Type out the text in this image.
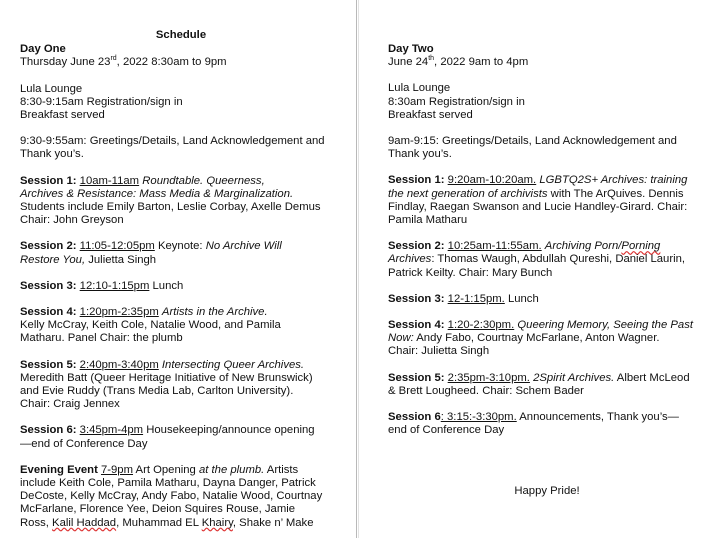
Schedule
Day One
Thursday June 23rd, 2022 8:30am to 9pm
Lula Lounge
8:30-9:15am Registration/sign in
Breakfast served
9:30-9:55am: Greetings/Details, Land Acknowledgement and
Thank you’s.
Session 1: 10am-11am Roundtable. Queerness,
Archives & Resistance: Mass Media & Marginalization.
Students include Emily Barton, Leslie Corbay, Axelle Demus
Chair: John Greyson
Session 2: 11:05-12:05pm Keynote: No Archive Will
Restore You, Julietta Singh
Session 3: 12:10-1:15pm Lunch
Session 4: 1:20pm-2:35pm Artists in the Archive.
Kelly McCray, Keith Cole, Natalie Wood, and Pamila
Matharu. Panel Chair: the plumb
Session 5: 2:40pm-3:40pm Intersecting Queer Archives.
Meredith Batt (Queer Heritage Initiative of New Brunswick)
and Evie Ruddy (Trans Media Lab, Carlton University).
Chair: Craig Jennex
Session 6: 3:45pm-4pm Housekeeping/announce opening
—end of Conference Day
Evening Event 7-9pm Art Opening at the plumb. Artists
include Keith Cole, Pamila Matharu, Dayna Danger, Patrick
DeCoste, Kelly McCray, Andy Fabo, Natalie Wood, Courtnay
McFarlane, Florence Yee, Deion Squires Rouse, Jamie
Ross, Kalil Haddad, Muhammad EL Khairy, Shake n’ Make
Day Two
June 24th, 2022 9am to 4pm
Lula Lounge
8:30am Registration/sign in
Breakfast served
9am-9:15: Greetings/Details, Land Acknowledgement and
Thank you’s.
Session 1: 9:20am-10:20am. LGBTQ2S+ Archives: training
the next generation of archivists with The ArQuives. Dennis
Findlay, Raegan Swanson and Lucie Handley-Girard. Chair:
Pamila Matharu
Session 2: 10:25am-11:55am. Archiving Porn/Porning
Archives: Thomas Waugh, Abdullah Qureshi, Daniel Laurin,
Patrick Keilty. Chair: Mary Bunch
Session 3: 12-1:15pm. Lunch
Session 4: 1:20-2:30pm. Queering Memory, Seeing the Past
Now: Andy Fabo, Courtnay McFarlane, Anton Wagner.
Chair: Julietta Singh
Session 5: 2:35pm-3:10pm. 2Spirit Archives. Albert McLeod
& Brett Lougheed. Chair: Schem Bader
Session 6: 3:15:-3:30pm. Announcements, Thank you’s—
end of Conference Day
Happy Pride!
